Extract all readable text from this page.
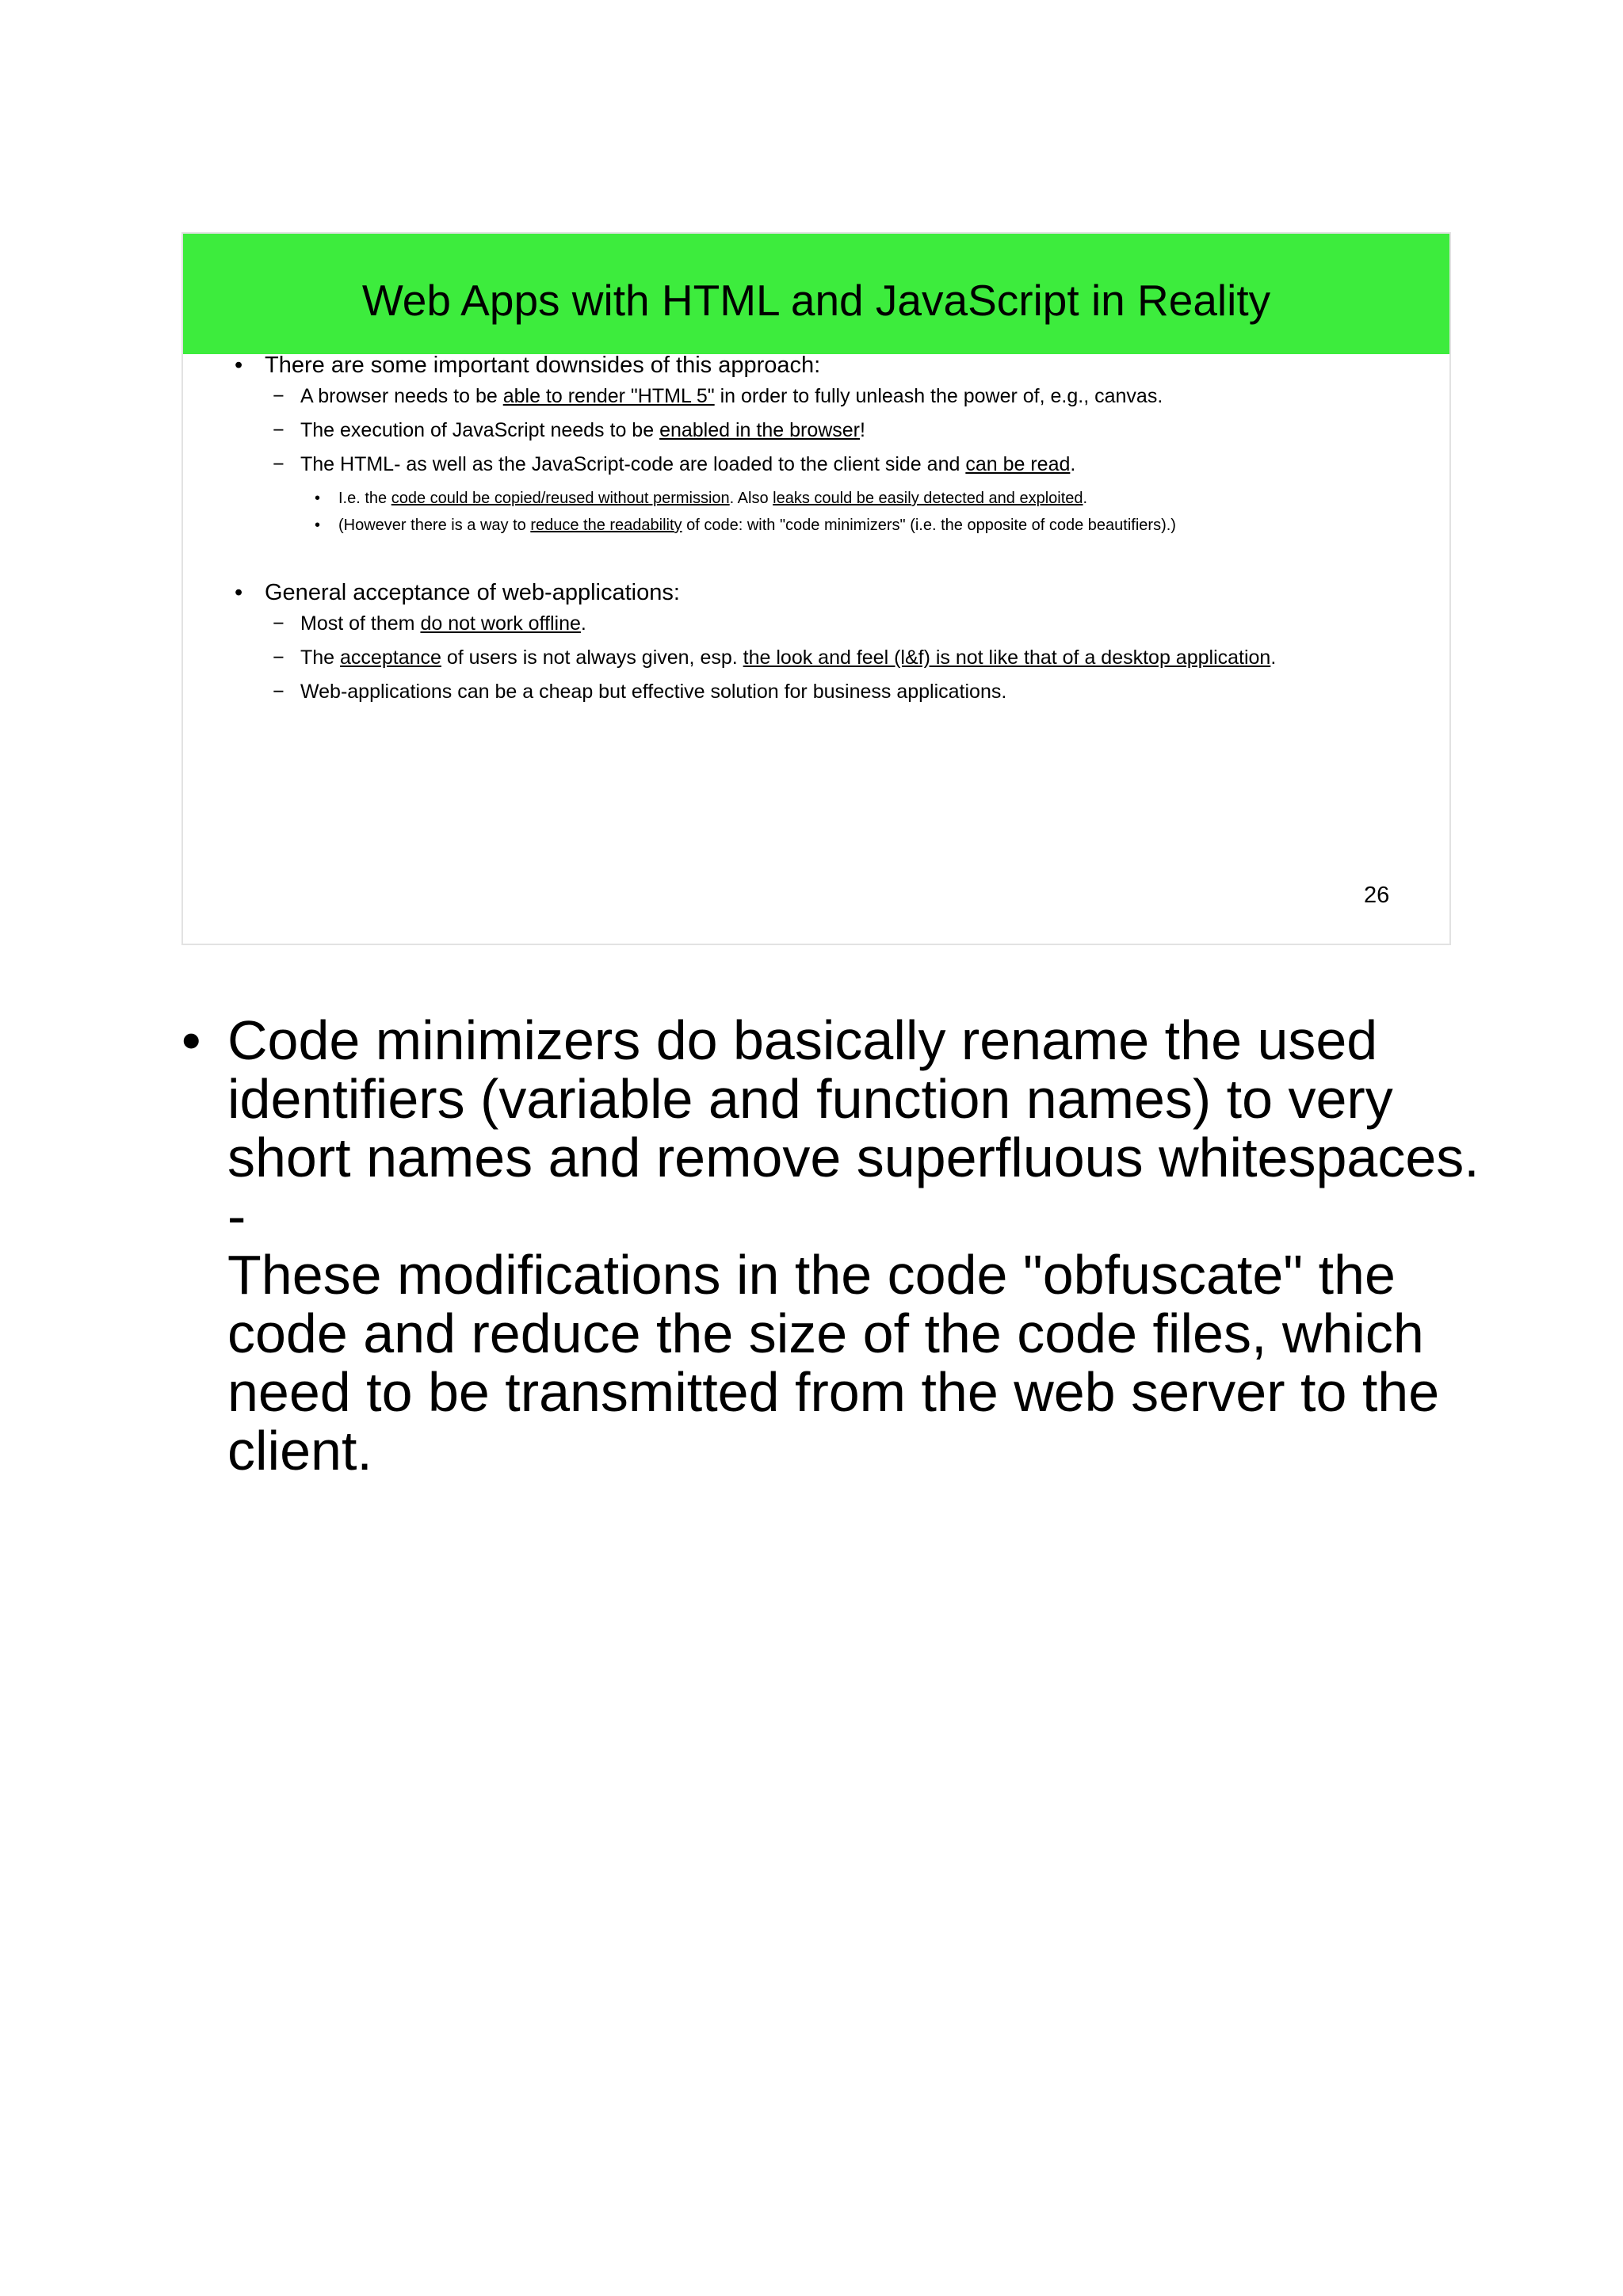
Web Apps with HTML and JavaScript in Reality
• There are some important downsides of this approach:
− A browser needs to be able to render "HTML 5" in order to fully unleash the power of, e.g., canvas.
− The execution of JavaScript needs to be enabled in the browser!
− The HTML- as well as the JavaScript-code are loaded to the client side and can be read.
• I.e. the code could be copied/reused without permission. Also leaks could be easily detected and exploited.
• (However there is a way to reduce the readability of code: with "code minimizers" (i.e. the opposite of code beautifiers).)
• General acceptance of web-applications:
− Most of them do not work offline.
− The acceptance of users is not always given, esp. the look and feel (l&f) is not like that of a desktop application.
− Web-applications can be a cheap but effective solution for business applications.
26
• Code minimizers do basically rename the used
identifiers (variable and function names) to very
short names and remove superfluous whitespaces. -
These modifications in the code "obfuscate" the
code and reduce the size of the code files, which
need to be transmitted from the web server to the
client.
